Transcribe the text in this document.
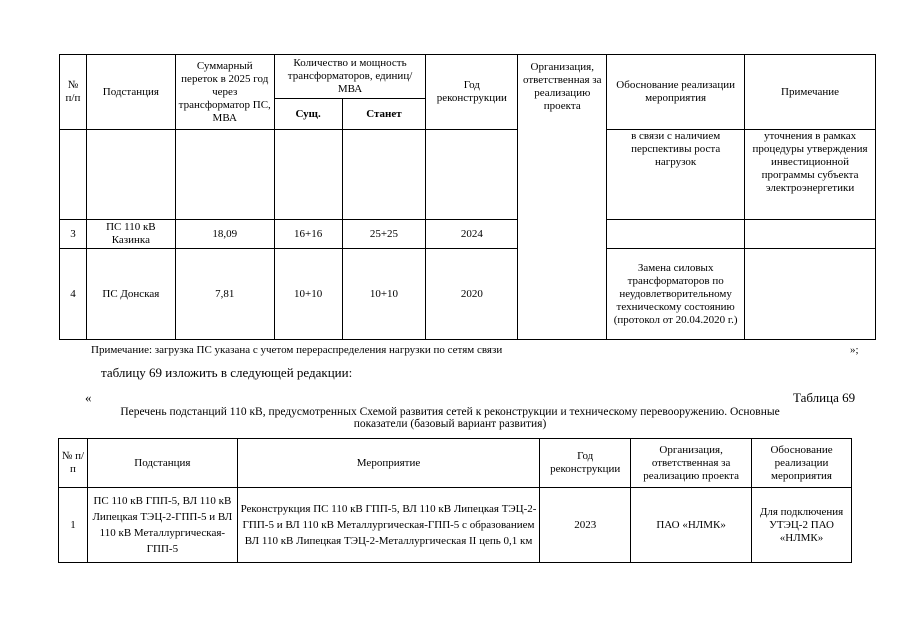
№ п/п	Подстанция	Суммарный переток в 2025 год через трансформатор ПС, МВА	Количество и мощность трансформаторов, единиц/МВА		Год реконструкции	Организация, ответственная за реализацию проекта	Обоснование реализации мероприятия	Примечание
			Сущ.	Станет				
							в связи с наличием перспективы роста нагрузок	уточнения в рамках процедуры утверждения инвестиционной программы субъекта электроэнергетики
3	ПС 110 кВ Казинка	18,09	16+16	25+25	2024			
4	ПС Донская	7,81	10+10	10+10	2020		Замена силовых трансформаторов по неудовлетворительному техническому состоянию (протокол от 20.04.2020 г.)	
Примечание: загрузка ПС указана с учетом перераспределения нагрузки по сетям связи	»;
таблицу 69 изложить в следующей редакции:
«	Таблица 69
Перечень подстанций 110 кВ, предусмотренных Схемой развития сетей к реконструкции и техническому перевооружению. Основные показатели (базовый вариант развития)
№ п/п	Подстанция	Мероприятие	Год реконструкции	Организация, ответственная за реализацию проекта	Обоснование реализации мероприятия
1	ПС 110 кВ ГПП-5, ВЛ 110 кВ Липецкая ТЭЦ-2-ГПП-5 и ВЛ 110 кВ Металлургическая-ГПП-5	Реконструкция ПС 110 кВ ГПП-5, ВЛ 110 кВ Липецкая ТЭЦ-2-ГПП-5 и ВЛ 110 кВ Металлургическая-ГПП-5 с образованием ВЛ 110 кВ Липецкая ТЭЦ-2-Металлургическая II цепь 0,1 км	2023	ПАО «НЛМК»	Для подключения УТЭЦ-2 ПАО «НЛМК»
